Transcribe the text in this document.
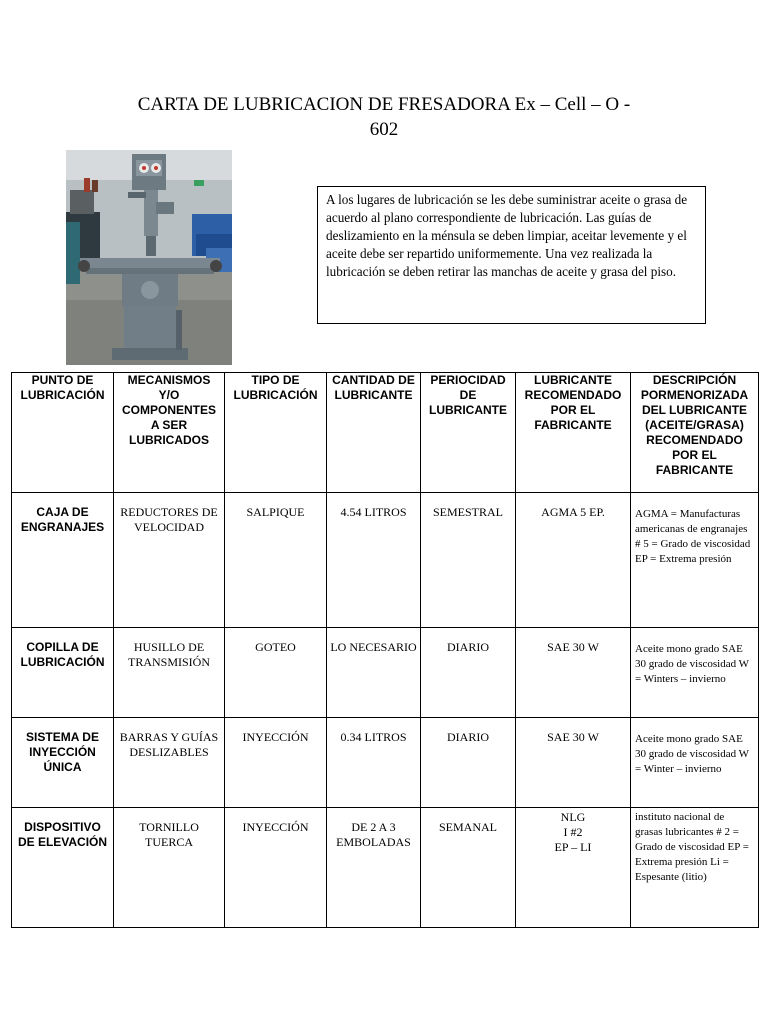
CARTA DE LUBRICACION DE FRESADORA Ex – Cell – O -
602
A los lugares de lubricación se les debe suministrar aceite o grasa de acuerdo al plano correspondiente de lubricación. Las guías de deslizamiento en la ménsula se deben limpiar, aceitar levemente y el aceite debe ser repartido uniformemente. Una vez realizada la lubricación se deben retirar las manchas de aceite y grasa del piso.
PUNTO DE LUBRICACIÓN	MECANISMOS Y/O COMPONENTES A SER LUBRICADOS	TIPO DE LUBRICACIÓN	CANTIDAD DE LUBRICANTE	PERIOCIDAD DE LUBRICANTE	LUBRICANTE RECOMENDADO POR EL FABRICANTE	DESCRIPCIÓN PORMENORIZADA DEL LUBRICANTE (ACEITE/GRASA) RECOMENDADO POR EL FABRICANTE
CAJA DE ENGRANAJES	REDUCTORES DE VELOCIDAD	SALPIQUE	4.54 LITROS	SEMESTRAL	AGMA 5 EP.	AGMA = Manufacturas americanas de engranajes # 5 = Grado de viscosidad EP = Extrema presión
COPILLA DE LUBRICACIÓN	HUSILLO DE TRANSMISIÓN	GOTEO	LO NECESARIO	DIARIO	SAE 30 W	Aceite mono grado SAE 30 grado de viscosidad W = Winters – invierno
SISTEMA DE INYECCIÓN ÚNICA	BARRAS Y GUÍAS DESLIZABLES	INYECCIÓN	0.34 LITROS	DIARIO	SAE 30 W	Aceite mono grado SAE 30 grado de viscosidad W = Winter – invierno
DISPOSITIVO DE ELEVACIÓN	TORNILLO TUERCA	INYECCIÓN	DE 2 A 3 EMBOLADAS	SEMANAL	NLG
I #2
EP – LI	instituto nacional de grasas lubricantes # 2 = Grado de viscosidad EP = Extrema presión Li = Espesante (litio)
